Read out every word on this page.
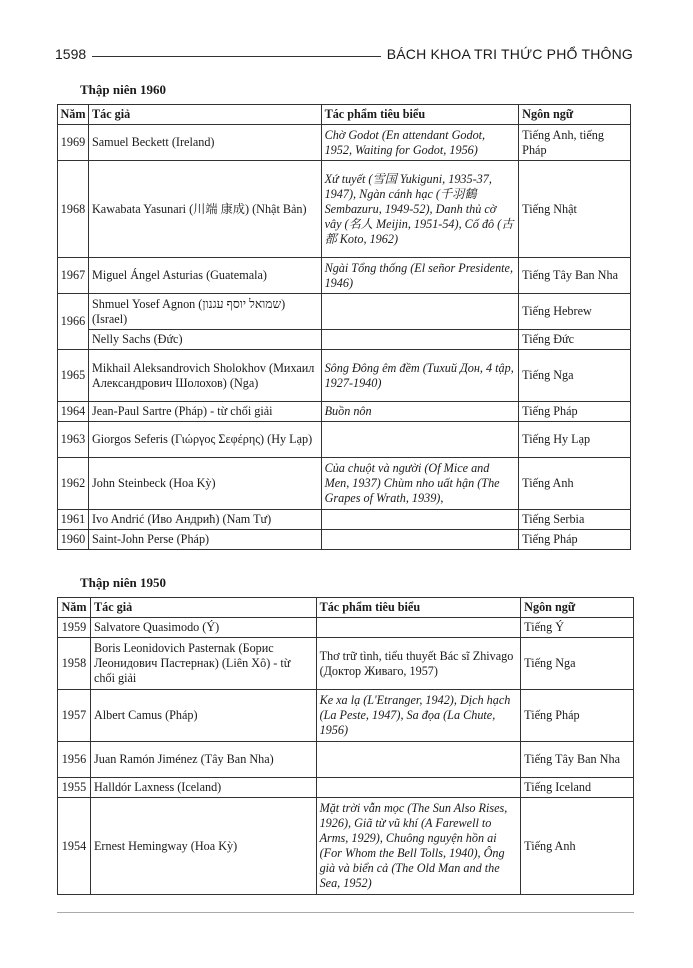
1598	BÁCH KHOA TRI THỨC PHỔ THÔNG
Thập niên 1960
Năm	Tác giả	Tác phẩm tiêu biểu	Ngôn ngữ
1969	Samuel Beckett (Ireland)	Chờ Godot (En attendant Godot, 1952, Waiting for Godot, 1956)	Tiếng Anh, tiếng Pháp
1968	Kawabata Yasunari (川端 康成) (Nhật Bản)	Xứ tuyết (雪国 Yukiguni, 1935-37, 1947), Ngàn cánh hạc (千羽鶴 Sembazuru, 1949-52), Danh thủ cờ vây (名人 Meijin, 1951-54), Cố đô (古都 Koto, 1962)	Tiếng Nhật
1967	Miguel Ángel Asturias (Guatemala)	Ngài Tổng thống (El señor Presidente, 1946)	Tiếng Tây Ban Nha
1966	Shmuel Yosef Agnon (שמואל יוסף עגנון) (Israel)		Tiếng Hebrew
	Nelly Sachs (Đức)		Tiếng Đức
1965	Mikhail Aleksandrovich Sholokhov (Михаил Александрович Шолохов) (Nga)	Sông Đông êm đềm (Тихий Дон, 4 tập, 1927-1940)	Tiếng Nga
1964	Jean-Paul Sartre (Pháp) - từ chối giải	Buồn nôn	Tiếng Pháp
1963	Giorgos Seferis (Γιώργος Σεφέρης) (Hy Lạp)		Tiếng Hy Lạp
1962	John Steinbeck (Hoa Kỳ)	Của chuột và người (Of Mice and Men, 1937) Chùm nho uất hận (The Grapes of Wrath, 1939),	Tiếng Anh
1961	Ivo Andrić (Иво Андрић) (Nam Tư)		Tiếng Serbia
1960	Saint-John Perse (Pháp)		Tiếng Pháp
Thập niên 1950
Năm	Tác giả	Tác phẩm tiêu biểu	Ngôn ngữ
1959	Salvatore Quasimodo (Ý)		Tiếng Ý
1958	Boris Leonidovich Pasternak (Борис Леонидович Пастернак) (Liên Xô) - từ chối giải	Thơ trữ tình, tiểu thuyết Bác sĩ Zhivago (Доктор Живаго, 1957)	Tiếng Nga
1957	Albert Camus (Pháp)	Ke xa lạ (L'Etranger, 1942), Dịch hạch (La Peste, 1947), Sa đọa (La Chute, 1956)	Tiếng Pháp
1956	Juan Ramón Jiménez (Tây Ban Nha)		Tiếng Tây Ban Nha
1955	Halldór Laxness (Iceland)		Tiếng Iceland
1954	Ernest Hemingway (Hoa Kỳ)	Mặt trời vẫn mọc (The Sun Also Rises, 1926), Giã từ vũ khí (A Farewell to Arms, 1929), Chuông nguyện hồn ai (For Whom the Bell Tolls, 1940), Ông già và biển cả (The Old Man and the Sea, 1952)	Tiếng Anh
